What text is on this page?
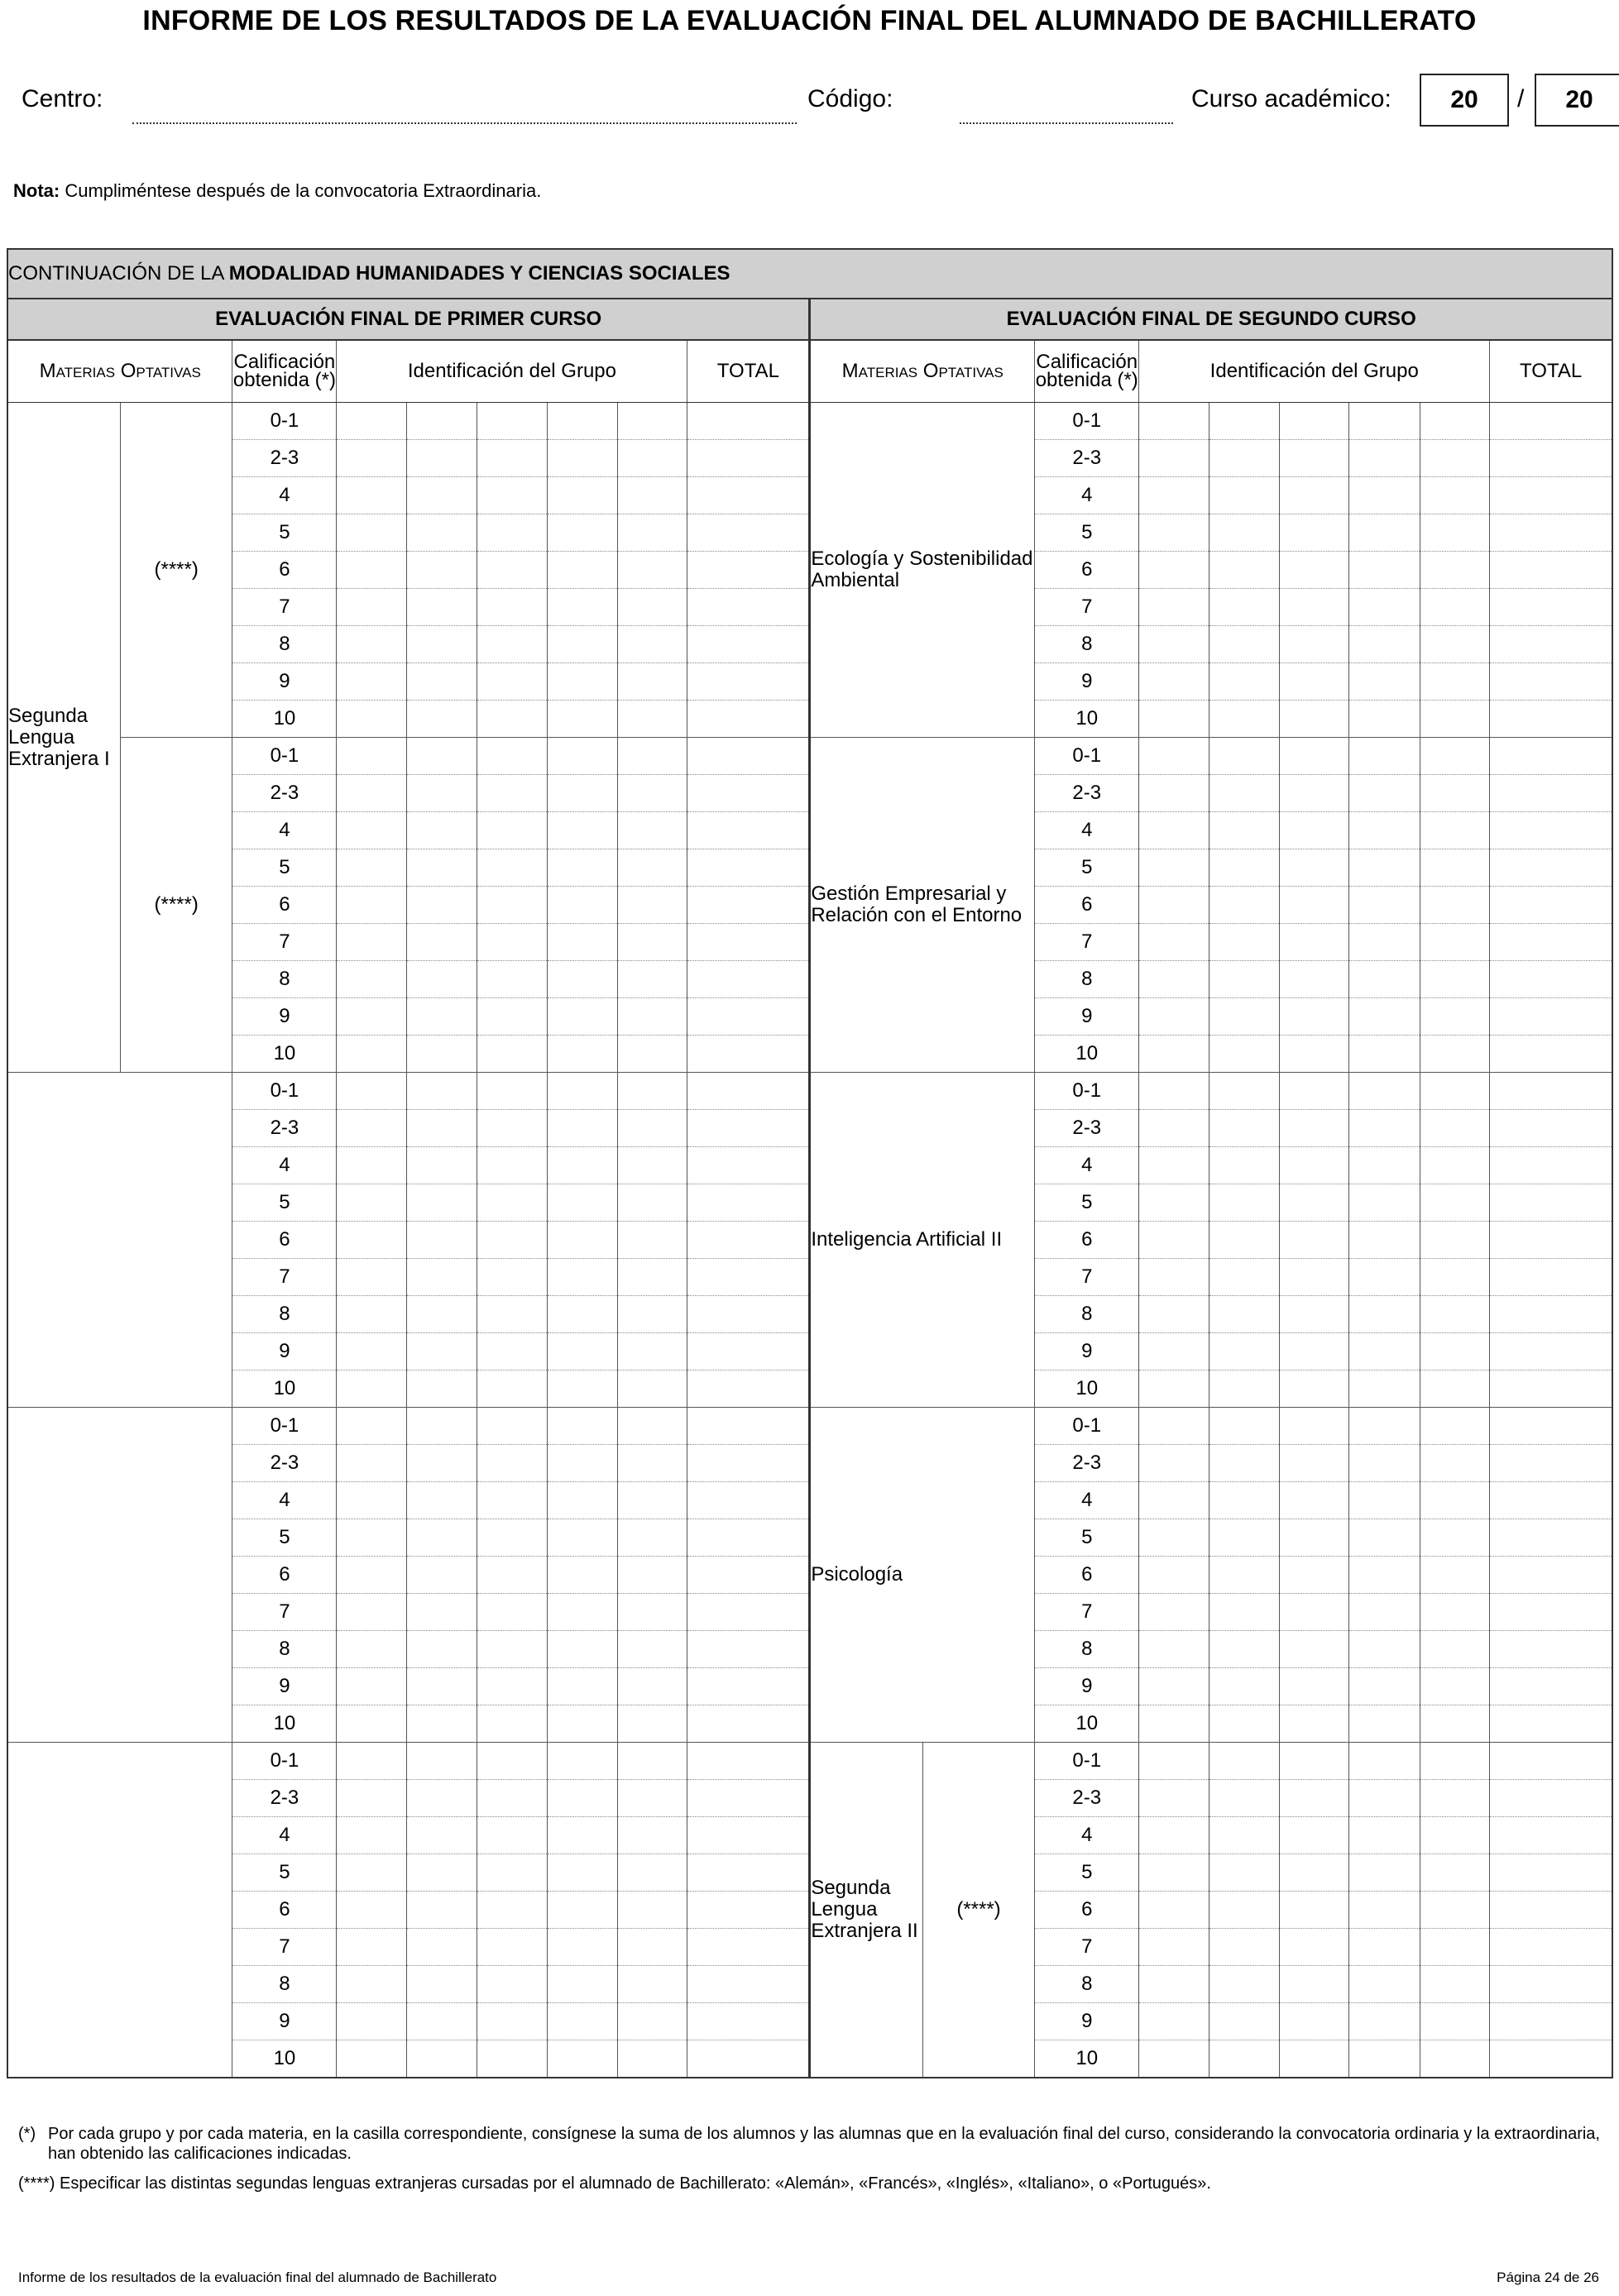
INFORME DE LOS RESULTADOS DE LA EVALUACIÓN FINAL DEL ALUMNADO DE BACHILLERATO
Centro:	Código:	Curso académico:	20	/	20
Nota: Cumpliméntese después de la convocatoria Extraordinaria.
CONTINUACIÓN DE LA MODALIDAD HUMANIDADES Y CIENCIAS SOCIALES																	
EVALUACIÓN FINAL DE PRIMER CURSO									EVALUACIÓN FINAL DE SEGUNDO CURSO								
Materias Optativas		Calificación obtenida (*)	Identificación del Grupo					TOTAL	Materias Optativas		Calificación obtenida (*)	Identificación del Grupo					TOTAL
Segunda Lengua Extranjera I	(****)	0-1							Ecología y Sostenibilidad Ambiental		0-1						
		2-3									2-3						
		4									4						
		5									5						
		6									6						
		7									7						
		8									8						
		9									9						
		10									10						
	(****)	0-1							Gestión Empresarial y Relación con el Entorno		0-1						
		2-3									2-3						
		4									4						
		5									5						
		6									6						
		7									7						
		8									8						
		9									9						
		10									10						
		0-1							Inteligencia Artificial II		0-1						
		2-3									2-3						
		4									4						
		5									5						
		6									6						
		7									7						
		8									8						
		9									9						
		10									10						
		0-1							Psicología		0-1						
		2-3									2-3						
		4									4						
		5									5						
		6									6						
		7									7						
		8									8						
		9									9						
		10									10						
		0-1							Segunda Lengua Extranjera II	(****)	0-1						
		2-3									2-3						
		4									4						
		5									5						
		6									6						
		7									7						
		8									8						
		9									9						
		10									10						
(*) Por cada grupo y por cada materia, en la casilla correspondiente, consígnese la suma de los alumnos y las alumnas que en la evaluación final del curso, considerando la convocatoria ordinaria y la extraordinaria, han obtenido las calificaciones indicadas.
(****) Especificar las distintas segundas lenguas extranjeras cursadas por el alumnado de Bachillerato: «Alemán», «Francés», «Inglés», «Italiano», o «Portugués».
Informe de los resultados de la evaluación final del alumnado de Bachillerato	Página 24 de 26
